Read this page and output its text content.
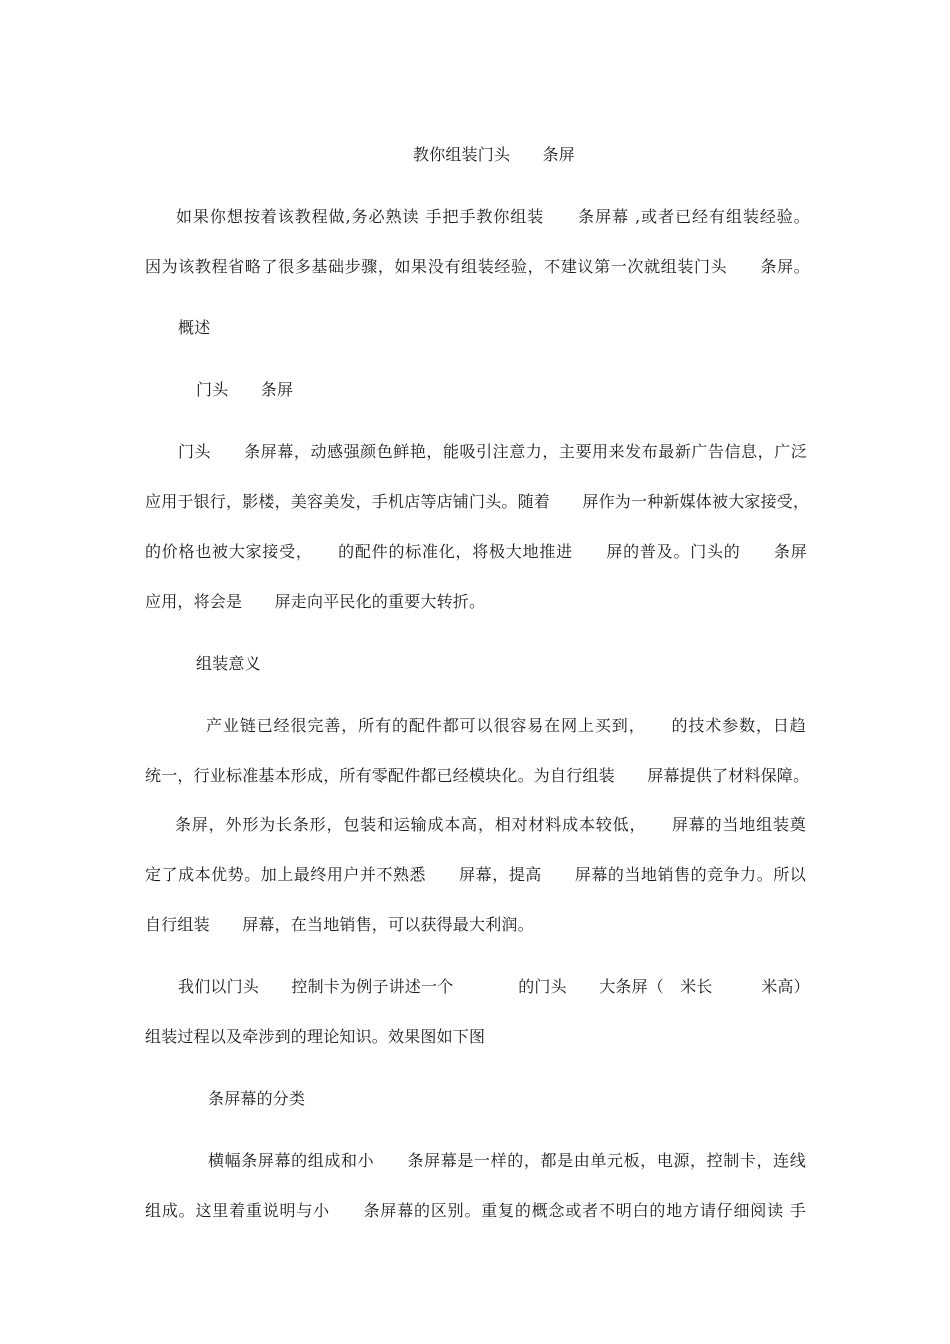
教你组装门头　　条屏
如果你想按着该教程做,务必熟读 手把手教你组装　　条屏幕 ,或者已经有组装经验。
因为该教程省略了很多基础步骤，如果没有组装经验，不建议第一次就组装门头　　条屏。
概述
门头　　条屏
门头　　条屏幕，动感强颜色鲜艳，能吸引注意力，主要用来发布最新广告信息，广泛
应用于银行，影楼，美容美发，手机店等店铺门头。随着　　屏作为一种新媒体被大家接受，
的价格也被大家接受，　　的配件的标准化，将极大地推进　　屏的普及。门头的　　条屏
应用，将会是　　屏走向平民化的重要大转折。
组装意义
产业链已经很完善，所有的配件都可以很容易在网上买到，　　的技术参数，日趋
统一，行业标准基本形成，所有零配件都已经模块化。为自行组装　　屏幕提供了材料保障。
条屏，外形为长条形，包装和运输成本高，相对材料成本较低，　　屏幕的当地组装奠
定了成本优势。加上最终用户并不熟悉　　屏幕，提高　　屏幕的当地销售的竞争力。所以
自行组装　　屏幕，在当地销售，可以获得最大利润。
我们以门头　　控制卡为例子讲述一个　　　　的门头　　大条屏（　米长　　　米高）
组装过程以及牵涉到的理论知识。效果图如下图
条屏幕的分类
横幅条屏幕的组成和小　　条屏幕是一样的，都是由单元板，电源，控制卡，连线
组成。这里着重说明与小　　条屏幕的区别。重复的概念或者不明白的地方请仔细阅读 手
